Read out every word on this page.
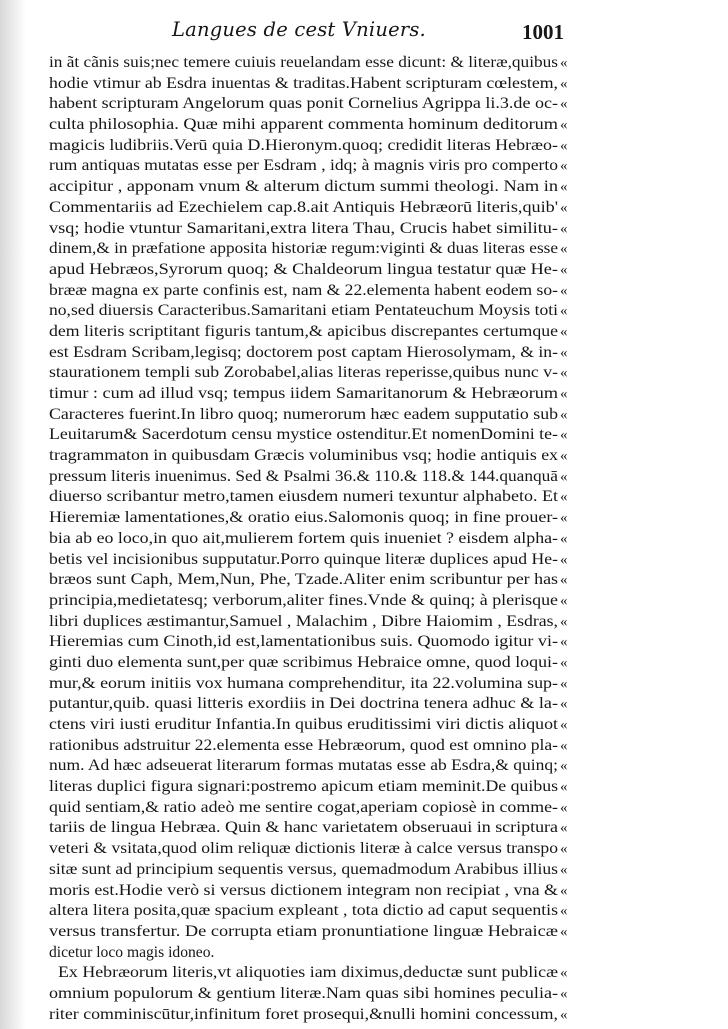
Langues de cest Vniuers.	1001
in ãt cãnis suis;nec temere cuiuis reuelandam esse dicunt: & literæ,quibus «
hodie vtimur ab Esdra inuentas & traditas.Habent scripturam cœlestem, «
habent scripturam Angelorum quas ponit Cornelius Agrippa li.3.de oc- «
culta philosophia. Quæ mihi apparent commenta hominum deditorum «
magicis ludibriis.Verū quia D.Hieronym.quoq; credidit literas Hebræo- «
rum antiquas mutatas esse per Esdram , idq; à magnis viris pro comperto «
accipitur , apponam vnum & alterum dictum summi theologi. Nam in «
Commentariis ad Ezechielem cap.8.ait Antiquis Hebræorū literis,quib' «
vsq; hodie vtuntur Samaritani,extra litera Thau, Crucis habet similitu- «
dinem,& in præfatione apposita historiæ regum:viginti & duas literas esse «
apud Hebræos,Syrorum quoq; & Chaldeorum lingua testatur quæ He- «
brææ magna ex parte confinis est, nam & 22.elementa habent eodem so- «
no,sed diuersis Caracteribus.Samaritani etiam Pentateuchum Moysis toti «
dem literis scriptitant figuris tantum,& apicibus discrepantes certumque «
est Esdram Scribam,legisq; doctorem post captam Hierosolymam, & in- «
staurationem templi sub Zorobabel,alias literas reperisse,quibus nunc v- «
timur : cum ad illud vsq; tempus iidem Samaritanorum & Hebræorum «
Caracteres fuerint.In libro quoq; numerorum hæc eadem supputatio sub «
Leuitarum& Sacerdotum censu mystice ostenditur.Et nomenDomini te- «
tragrammaton in quibusdam Græcis voluminibus vsq; hodie antiquis ex «
pressum literis inuenimus. Sed & Psalmi 36.& 110.& 118.& 144.quanquā «
diuerso scribantur metro,tamen eiusdem numeri texuntur alphabeto. Et «
Hieremiæ lamentationes,& oratio eius.Salomonis quoq; in fine prouer- «
bia ab eo loco,in quo ait,mulierem fortem quis inueniet ? eisdem alpha- «
betis vel incisionibus supputatur.Porro quinque literæ duplices apud He- «
bræos sunt Caph, Mem,Nun, Phe, Tzade.Aliter enim scribuntur per has «
principia,medietatesq; verborum,aliter fines.Vnde & quinq; à plerisque «
libri duplices æstimantur,Samuel , Malachim , Dibre Haiomim , Esdras, «
Hieremias cum Cinoth,id est,lamentationibus suis. Quomodo igitur vi- «
ginti duo elementa sunt,per quæ scribimus Hebraice omne, quod loqui- «
mur,& eorum initiis vox humana comprehenditur, ita 22.volumina sup- «
putantur,quib. quasi litteris exordiis in Dei doctrina tenera adhuc & la- «
ctens viri iusti eruditur Infantia.In quibus eruditissimi viri dictis aliquot «
rationibus adstruitur 22.elementa esse Hebræorum, quod est omnino pla- «
num. Ad hæc adseuerat literarum formas mutatas esse ab Esdra,& quinq; «
literas duplici figura signari:postremo apicum etiam meminit.De quibus «
quid sentiam,& ratio adeò me sentire cogat,aperiam copiosè in comme- «
tariis de lingua Hebræa. Quin & hanc varietatem obseruaui in scriptura «
veteri & vsitata,quod olim reliquæ dictionis literæ à calce versus transpo «
sitæ sunt ad principium sequentis versus, quemadmodum Arabibus illius «
moris est.Hodie verò si versus dictionem integram non recipiat , vna & «
altera litera posita,quæ spacium expleant , tota dictio ad caput sequentis «
versus transfertur. De corrupta etiam pronuntiatione linguæ Hebraicæ «
dicetur loco magis idoneo.
Ex Hebræorum literis,vt aliquoties iam diximus,deductæ sunt publicæ «
omnium populorum & gentium literæ.Nam quas sibi homines peculia- «
riter comminiscūtur,infinitum foret prosequi,&nulli homini concessum, «
